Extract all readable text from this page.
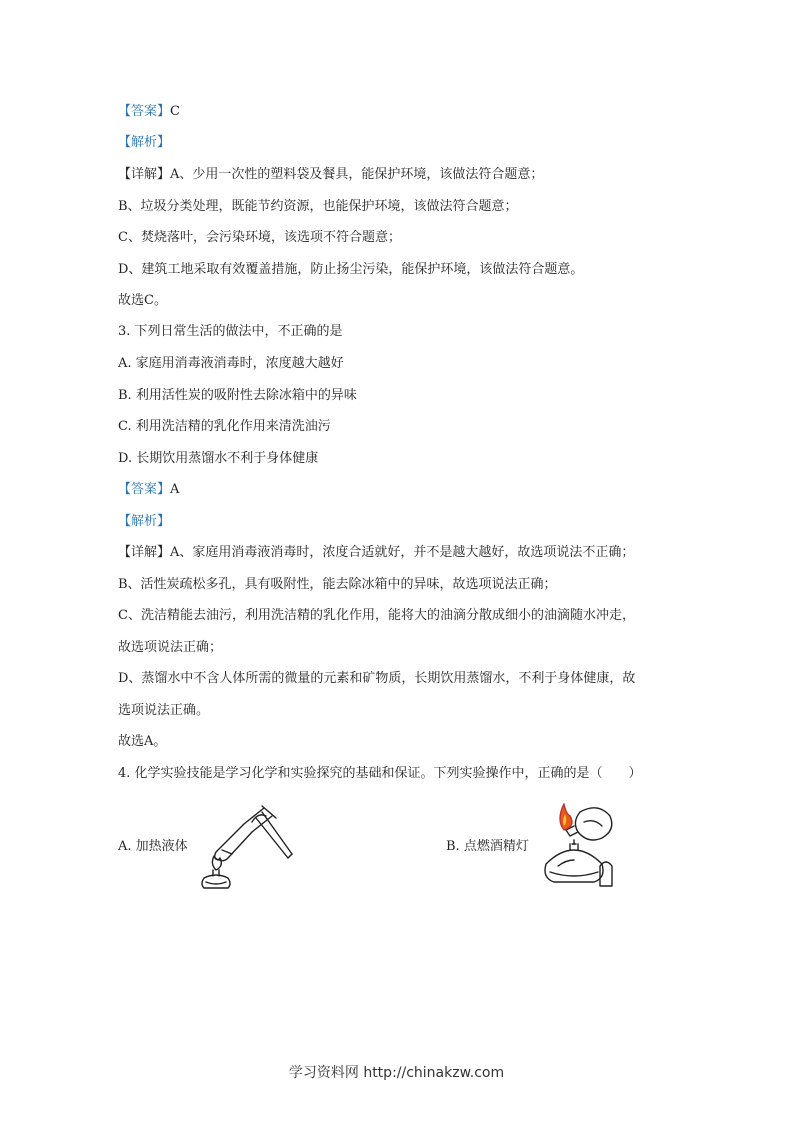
【答案】C
【解析】
【详解】A、少用一次性的塑料袋及餐具，能保护环境，该做法符合题意；
B、垃圾分类处理，既能节约资源，也能保护环境，该做法符合题意；
C、焚烧落叶，会污染环境，该选项不符合题意；
D、建筑工地采取有效覆盖措施，防止扬尘污染，能保护环境，该做法符合题意。
故选C。
3. 下列日常生活的做法中，不正确的是
A. 家庭用消毒液消毒时，浓度越大越好
B. 利用活性炭的吸附性去除冰箱中的异味
C. 利用洗洁精的乳化作用来清洗油污
D. 长期饮用蒸馏水不利于身体健康
【答案】A
【解析】
【详解】A、家庭用消毒液消毒时，浓度合适就好，并不是越大越好，故选项说法不正确；
B、活性炭疏松多孔，具有吸附性，能去除冰箱中的异味，故选项说法正确；
C、洗洁精能去油污，利用洗洁精的乳化作用，能将大的油滴分散成细小的油滴随水冲走，
故选项说法正确；
D、蒸馏水中不含人体所需的微量的元素和矿物质，长期饮用蒸馏水，不利于身体健康，故
选项说法正确。
故选A。
4. 化学实验技能是学习化学和实验探究的基础和保证。下列实验操作中，正确的是（　　）
A. 加热液体	B. 点燃酒精灯
学习资料网 http://chinakzw.com
